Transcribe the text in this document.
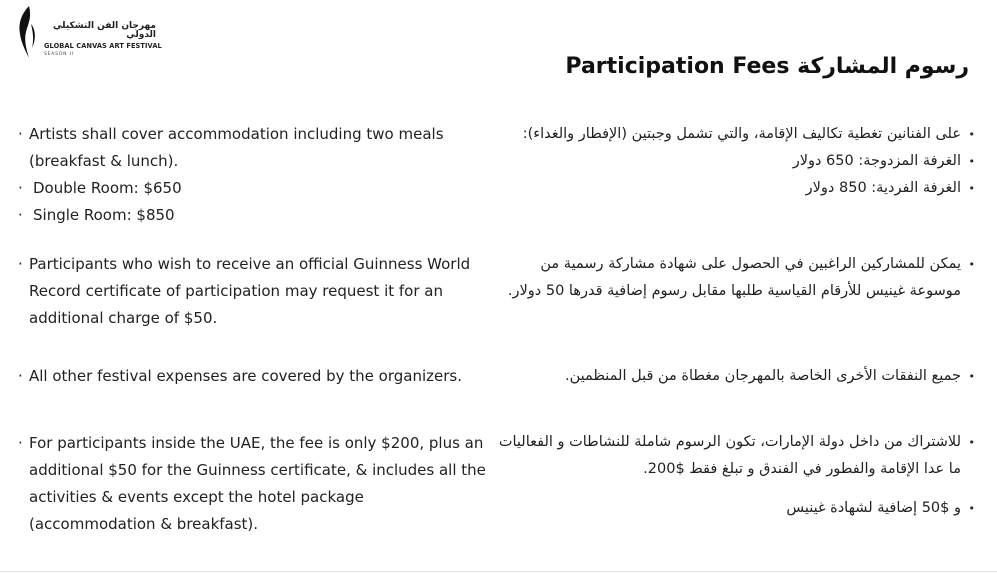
مهرجان الفن التشكيلي الدولي
GLOBAL CANVAS ART FESTIVAL
SEASON II	Participation Fees رسوم المشاركة
· Artists shall cover accommodation including two meals (breakfast & lunch).
· Double Room: $650
· Single Room: $850
· Participants who wish to receive an official Guinness World Record certificate of participation may request it for an additional charge of $50.
· All other festival expenses are covered by the organizers.
· For participants inside the UAE, the fee is only $200, plus an additional $50 for the Guinness certificate, & includes all the activities & events except the hotel package (accommodation & breakfast).
• على الفنانين تغطية تكاليف الإقامة، والتي تشمل وجبتين (الإفطار والغداء):
• الغرفة المزدوجة: 650 دولار
• الغرفة الفردية: 850 دولار
• يمكن للمشاركين الراغبين في الحصول على شهادة مشاركة رسمية من موسوعة غينيس للأرقام القياسية طلبها مقابل رسوم إضافية قدرها 50 دولار.
• جميع النفقات الأخرى الخاصة بالمهرجان مغطاة من قبل المنظمين.
• للاشتراك من داخل دولة الإمارات، تكون الرسوم شاملة للنشاطات و الفعاليات ما عدا الإقامة والفطور في الفندق و تبلغ فقط $200.
• و $50 إضافية لشهادة غينيس
